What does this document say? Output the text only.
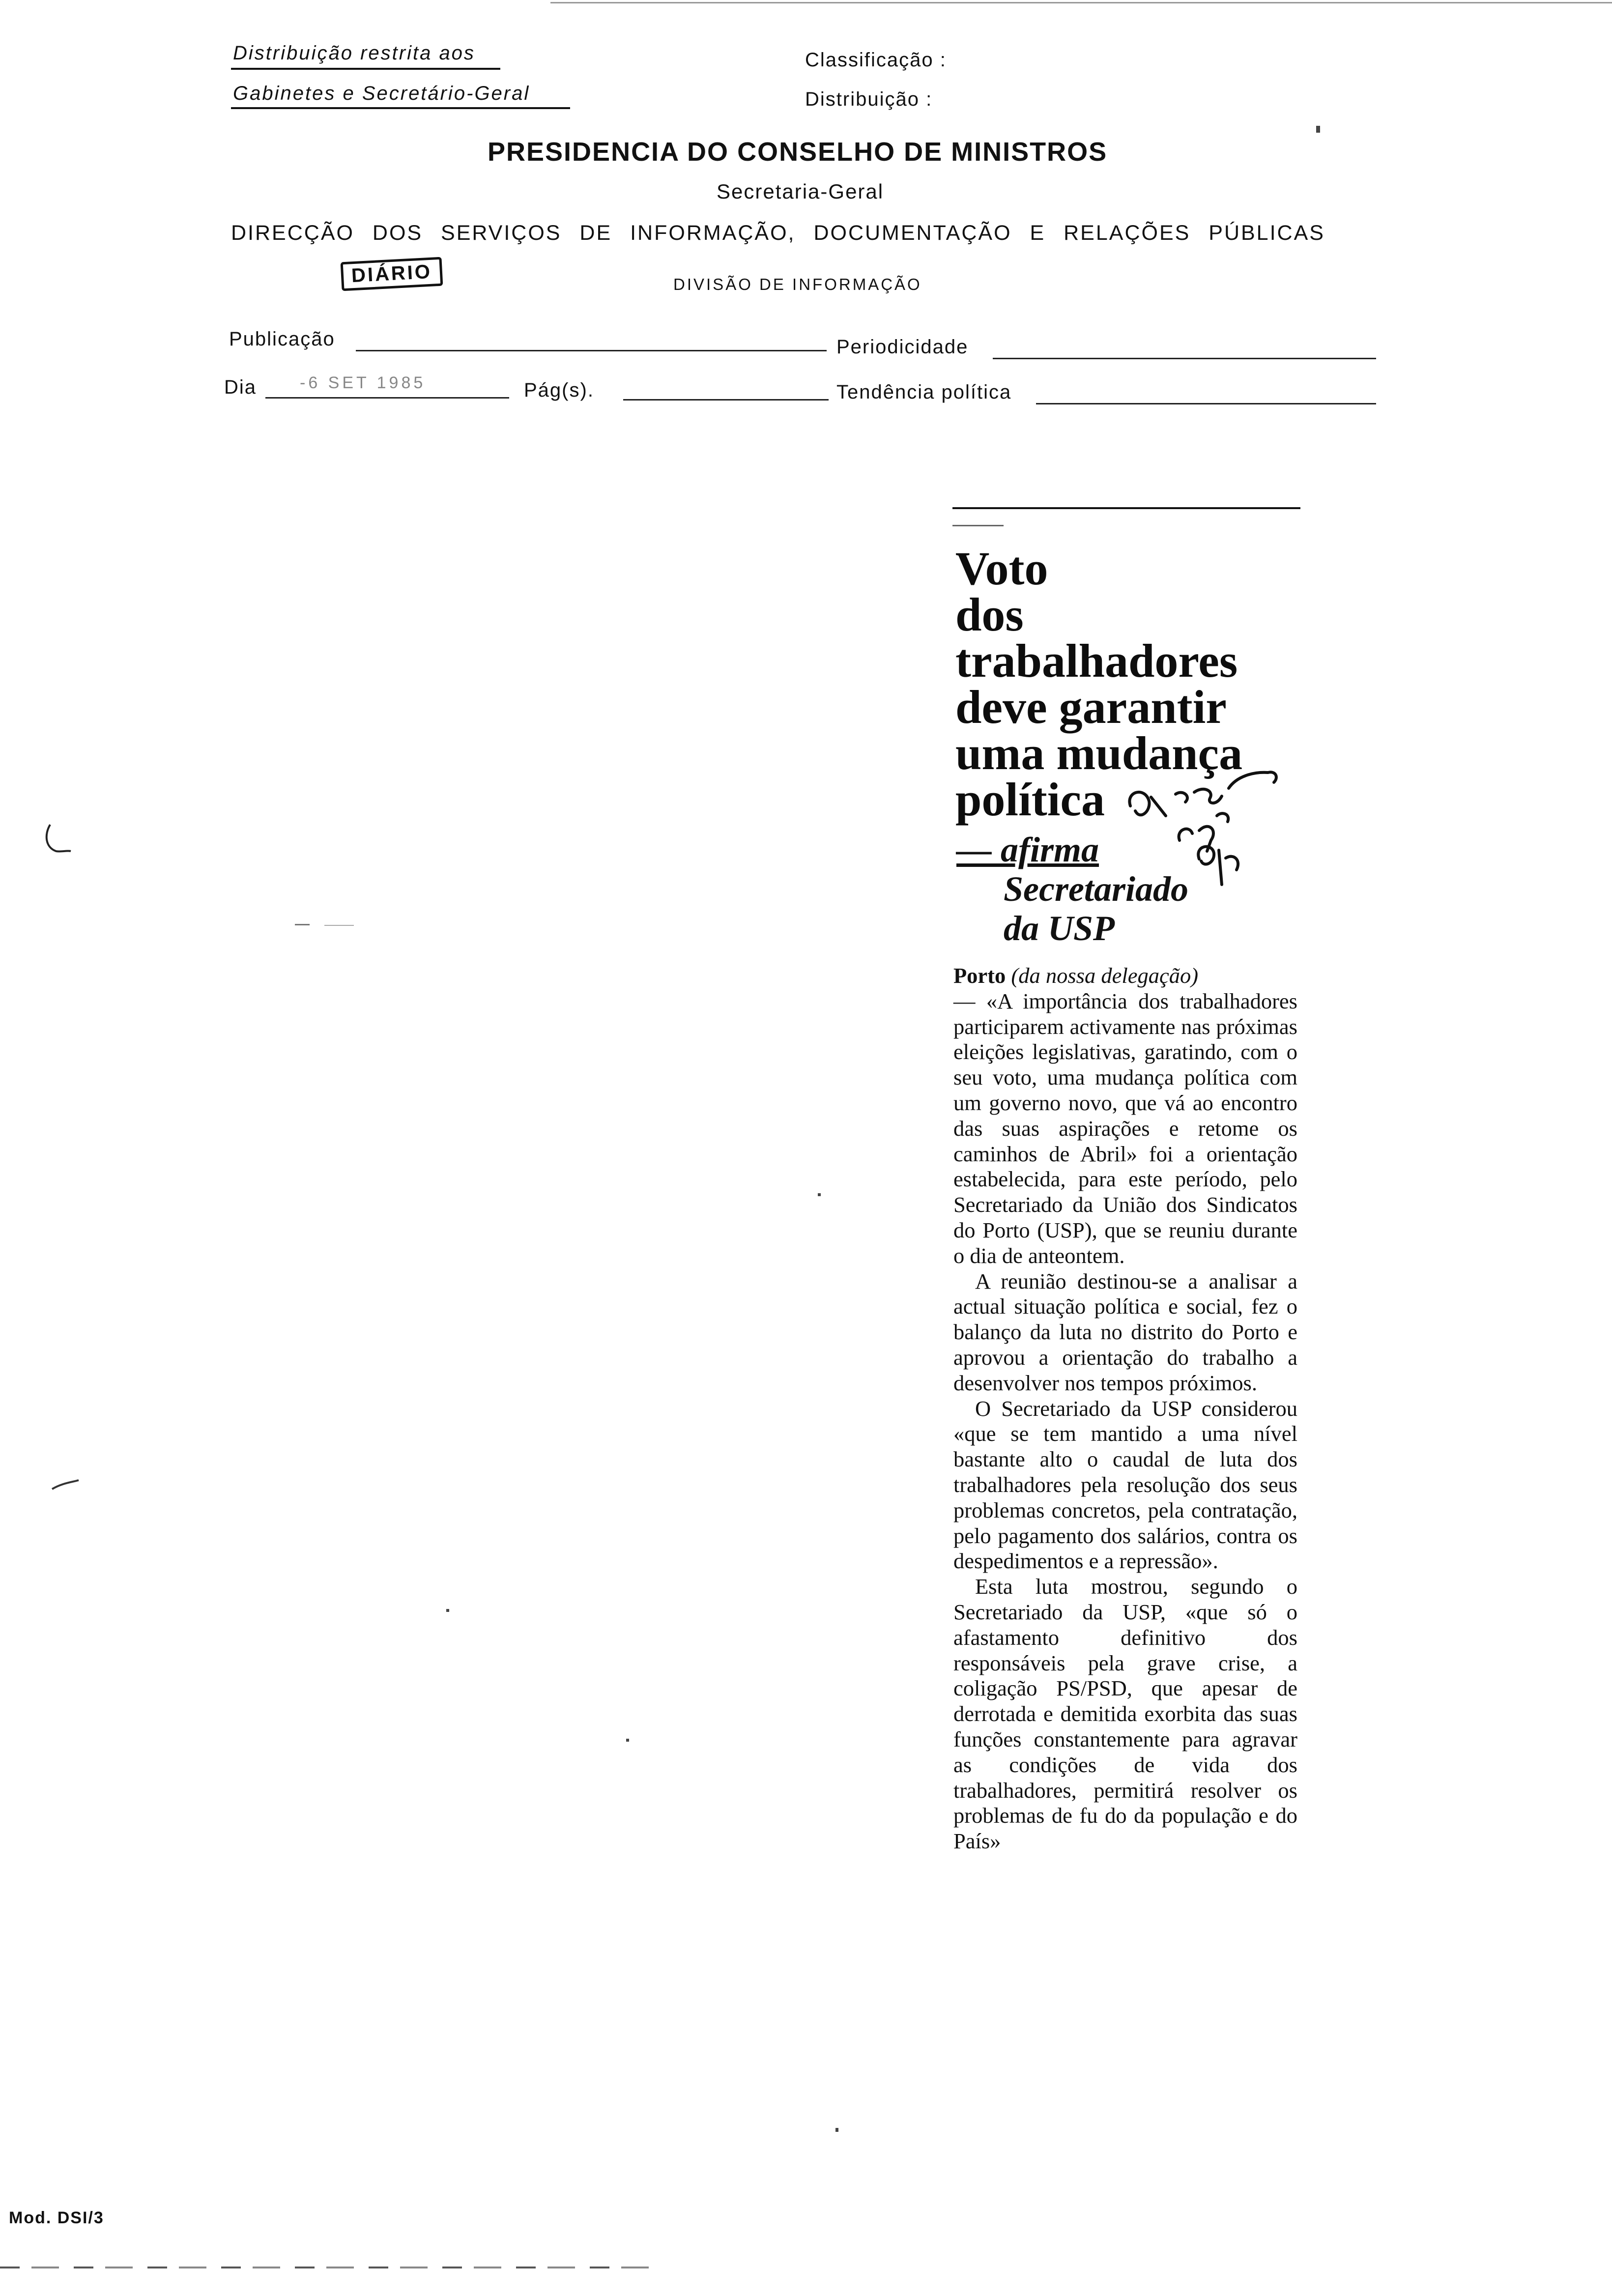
Distribuição restrita aos
Gabinetes e Secretário-Geral
Classificação :
Distribuição :
PRESIDENCIA DO CONSELHO DE MINISTROS
Secretaria-Geral
DIRECÇÃO DOS SERVIÇOS DE INFORMAÇÃO, DOCUMENTAÇÃO E RELAÇÕES PÚBLICAS
DIÁRIO	DIVISÃO DE INFORMAÇÃO
Publicação	Periodicidade
Dia	-6 SET 1985	Pág(s).	Tendência política
Voto
dos
trabalhadores
deve garantir
uma mudança
política
— afirma
Secretariado
da USP

Porto (da nossa delegação)

— «A importância dos trabalhadores participarem activamente nas próximas eleições legislativas, garatindo, com o seu voto, uma mudança política com um governo novo, que vá ao encontro das suas aspirações e retome os caminhos de Abril» foi a orientação estabelecida, para este período, pelo Secretariado da União dos Sindicatos do Porto (USP), que se reuniu durante o dia de anteontem.

A reunião destinou-se a analisar a actual situação política e social, fez o balanço da luta no distrito do Porto e aprovou a orientação do trabalho a desenvolver nos tempos próximos.

O Secretariado da USP considerou «que se tem mantido a uma nível bastante alto o caudal de luta dos trabalhadores pela resolução dos seus problemas concretos, pela contratação, pelo pagamento dos salários, contra os despedimentos e a repressão».

Esta luta mostrou, segundo o Secretariado da USP, «que só o afastamento definitivo dos responsáveis pela grave crise, a coligação PS/PSD, que apesar de derrotada e demitida exorbita das suas funções constantemente para agravar as condições de vida dos trabalhadores, permitirá resolver os problemas de fu do da população e do País»

Mod. DSI/3
